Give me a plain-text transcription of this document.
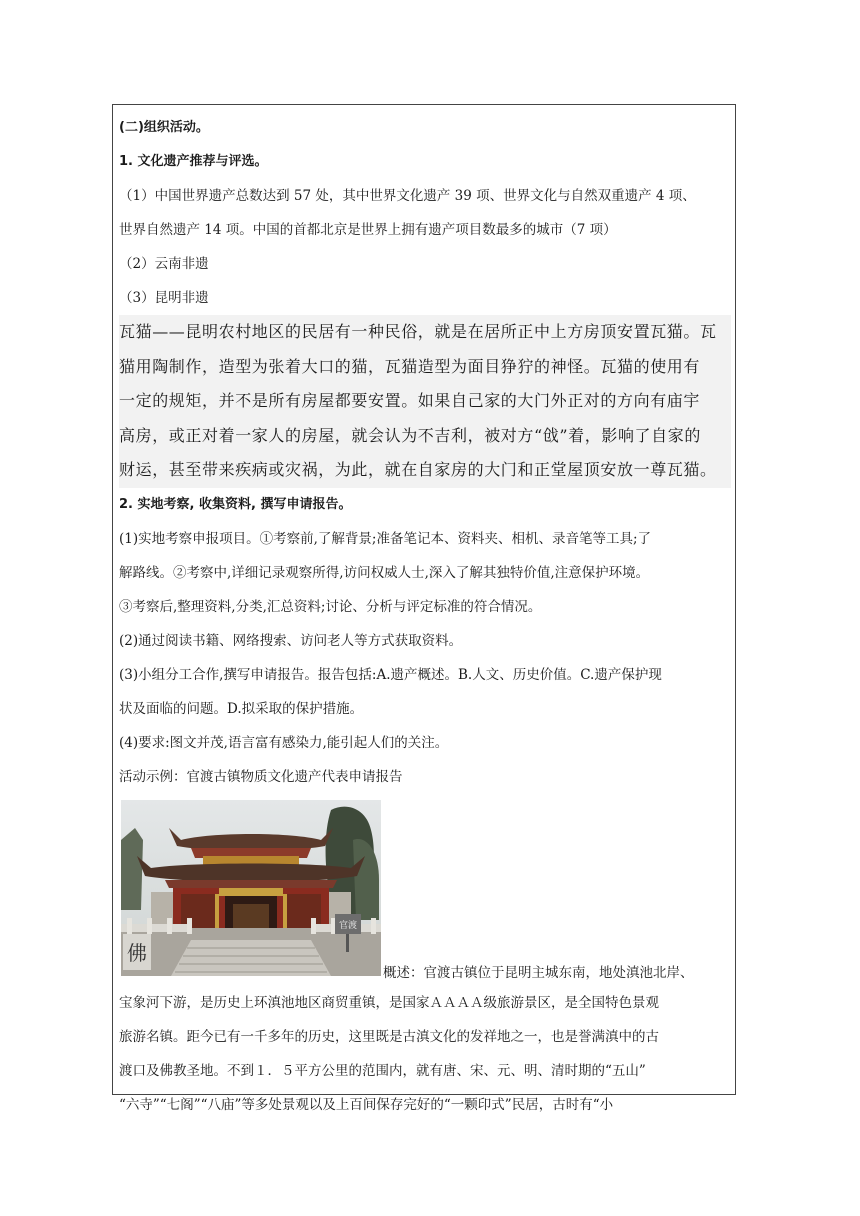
(二)组织活动。
1. 文化遗产推荐与评选。
（1）中国世界遗产总数达到 57 处，其中世界文化遗产 39 项、世界文化与自然双重遗产 4 项、
世界自然遗产 14 项。中国的首都北京是世界上拥有遗产项目数最多的城市（7 项）
（2）云南非遗
（3）昆明非遗
瓦猫——昆明农村地区的民居有一种民俗，就是在居所正中上方房顶安置瓦猫。瓦
猫用陶制作，造型为张着大口的猫，瓦猫造型为面目狰狞的神怪。瓦猫的使用有
一定的规矩，并不是所有房屋都要安置。如果自己家的大门外正对的方向有庙宇
高房，或正对着一家人的房屋，就会认为不吉利，被对方“戗”着，影响了自家的
财运，甚至带来疾病或灾祸，为此，就在自家房的大门和正堂屋顶安放一尊瓦猫。
2. 实地考察, 收集资料, 撰写申请报告。
(1)实地考察申报项目。①考察前,了解背景;准备笔记本、资料夹、相机、录音笔等工具;了
解路线。②考察中,详细记录观察所得,访问权威人士,深入了解其独特价值,注意保护环境。
③考察后,整理资料,分类,汇总资料;讨论、分析与评定标准的符合情况。
(2)通过阅读书籍、网络搜索、访问老人等方式获取资料。
(3)小组分工合作,撰写申请报告。报告包括:A.遗产概述。B.人文、历史价值。C.遗产保护现
状及面临的问题。D.拟采取的保护措施。
(4)要求:图文并茂,语言富有感染力,能引起人们的关注。
活动示例：官渡古镇物质文化遗产代表申请报告
佛
官渡
概述：官渡古镇位于昆明主城东南，地处滇池北岸、
宝象河下游，是历史上环滇池地区商贸重镇，是国家ＡＡＡＡ级旅游景区，是全国特色景观
旅游名镇。距今已有一千多年的历史，这里既是古滇文化的发祥地之一，也是誉满滇中的古
渡口及佛教圣地。不到１．５平方公里的范围内，就有唐、宋、元、明、清时期的“五山”
“六寺”“七阁”“八庙”等多处景观以及上百间保存完好的“一颗印式”民居，古时有“小
